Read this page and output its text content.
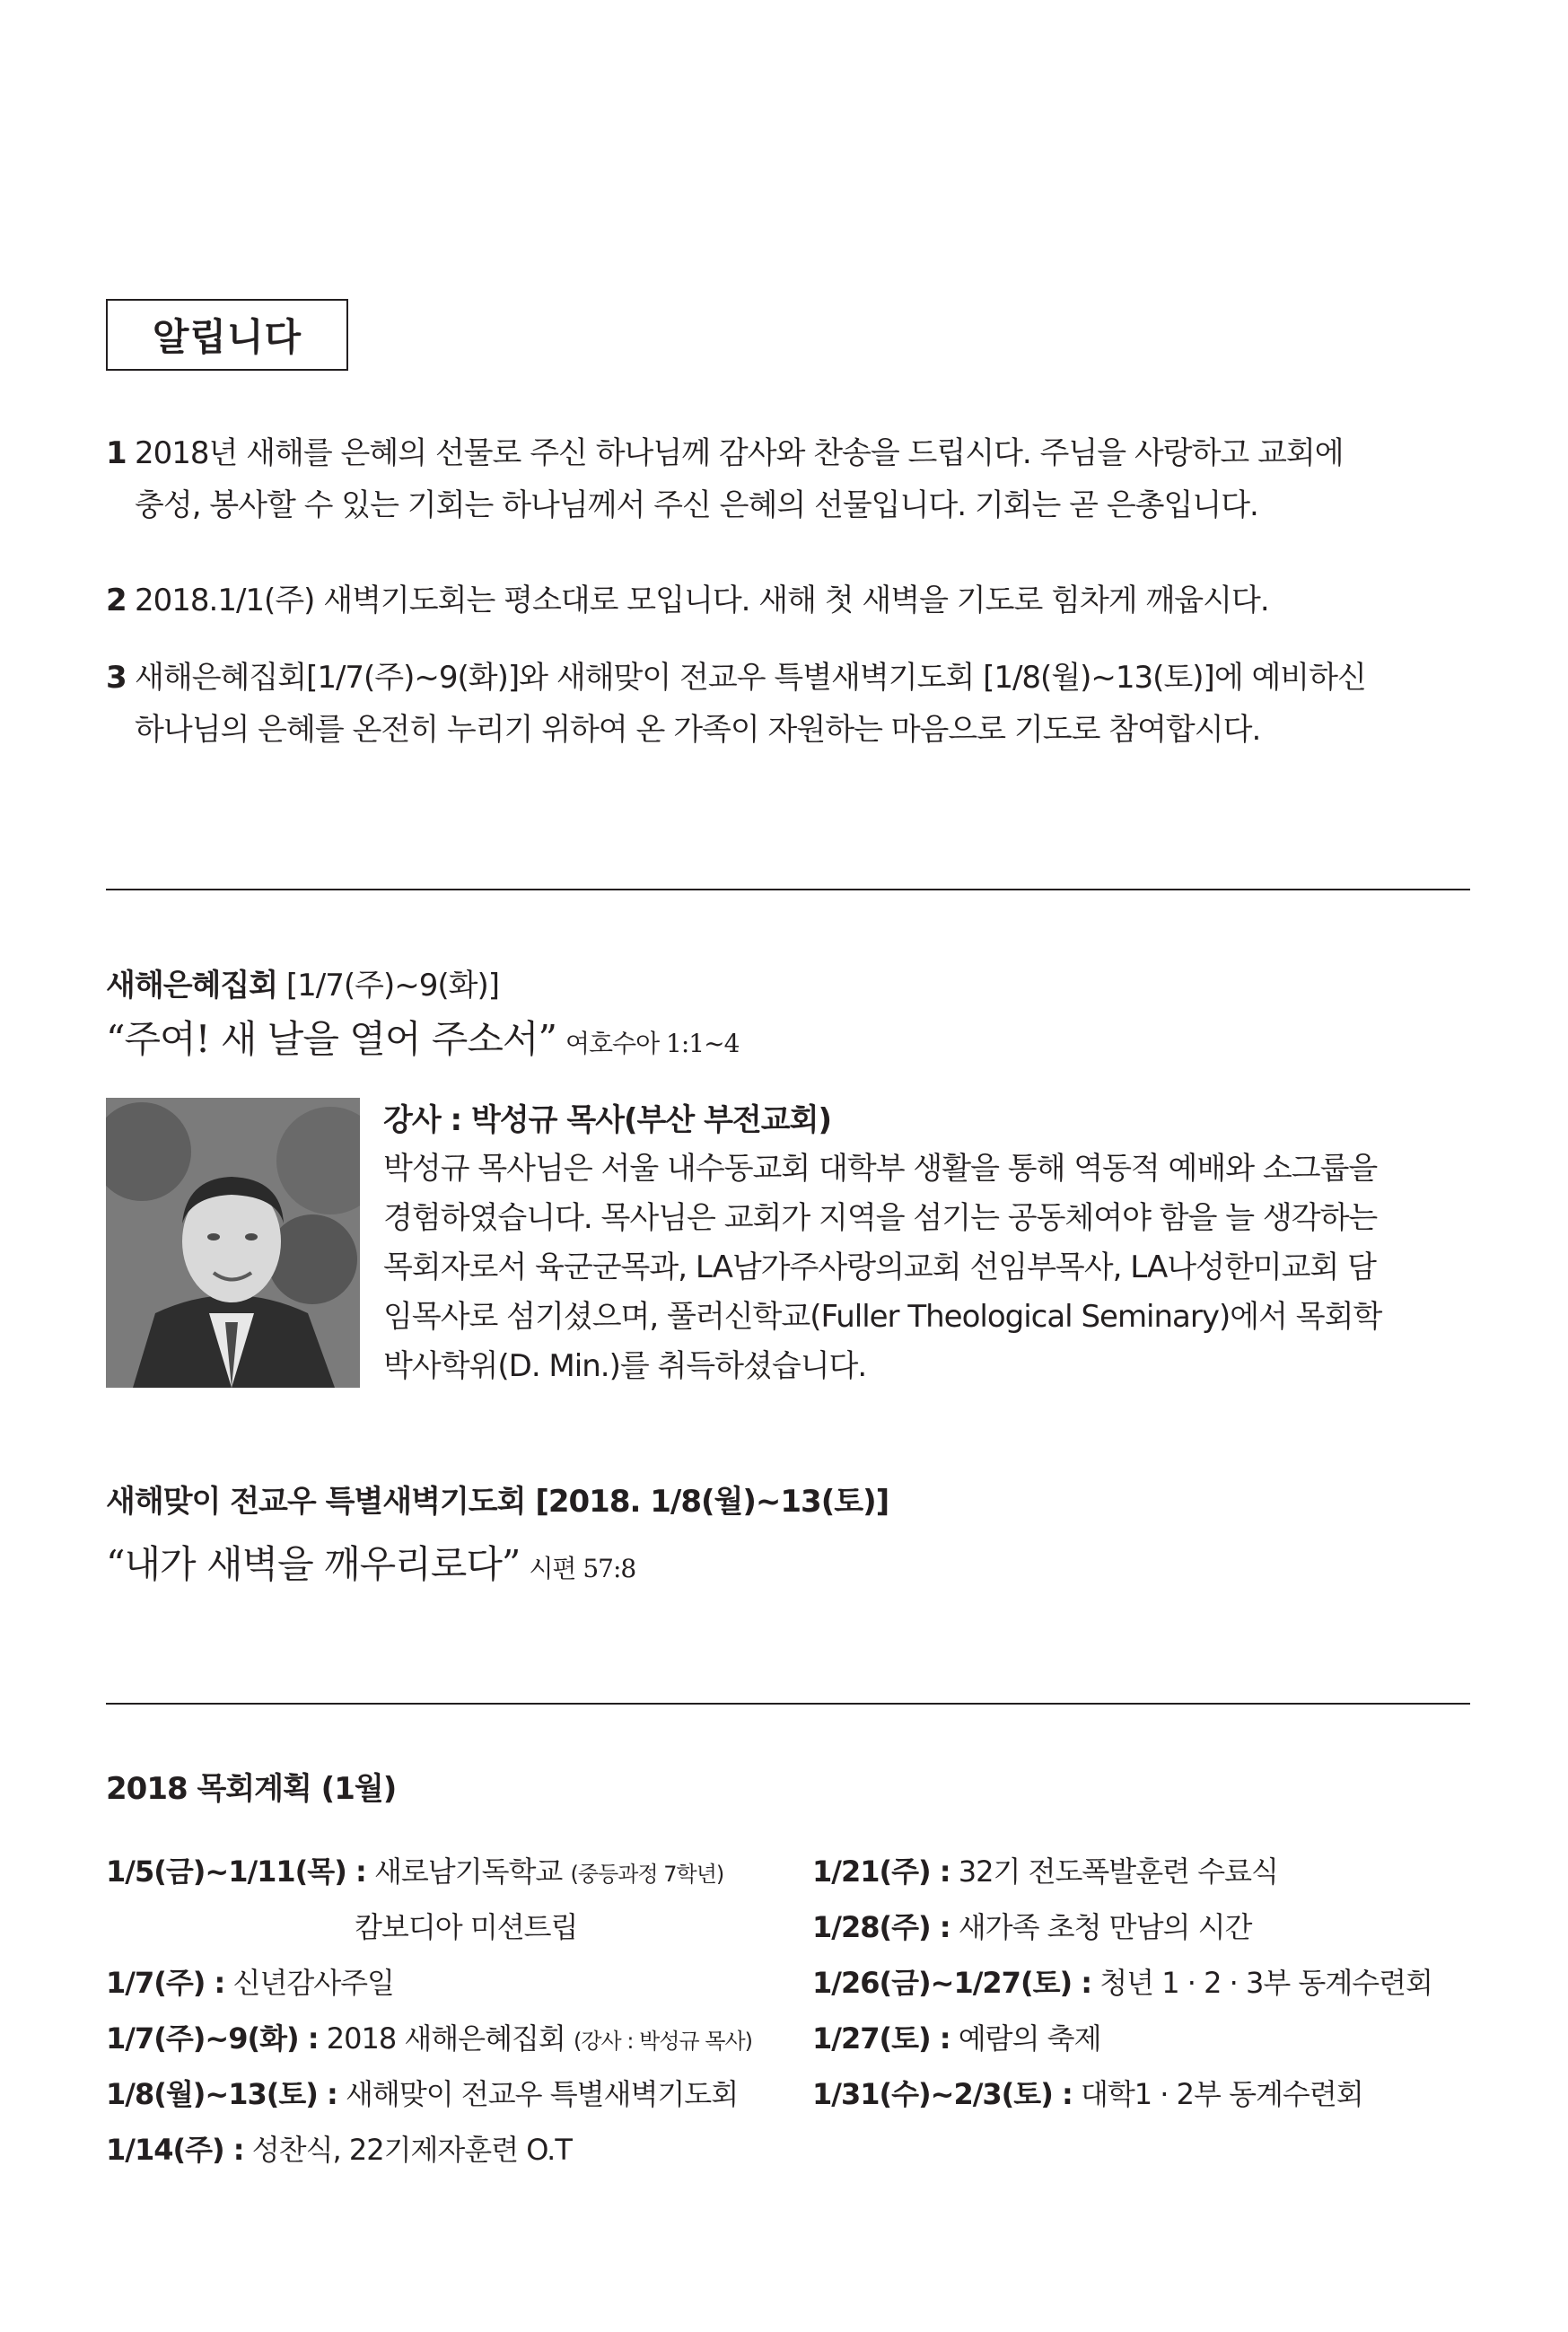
알립니다
1 2018년 새해를 은혜의 선물로 주신 하나님께 감사와 찬송을 드립시다. 주님을 사랑하고 교회에
충성, 봉사할 수 있는 기회는 하나님께서 주신 은혜의 선물입니다. 기회는 곧 은총입니다.
2 2018.1/1(주) 새벽기도회는 평소대로 모입니다. 새해 첫 새벽을 기도로 힘차게 깨웁시다.
3 새해은혜집회[1/7(주)~9(화)]와 새해맞이 전교우 특별새벽기도회 [1/8(월)~13(토)]에 예비하신
하나님의 은혜를 온전히 누리기 위하여 온 가족이 자원하는 마음으로 기도로 참여합시다.
새해은혜집회 [1/7(주)~9(화)]
“주여! 새 날을 열어 주소서” 여호수아 1:1~4
강사 : 박성규 목사(부산 부전교회)
박성규 목사님은 서울 내수동교회 대학부 생활을 통해 역동적 예배와 소그룹을
경험하였습니다. 목사님은 교회가 지역을 섬기는 공동체여야 함을 늘 생각하는
목회자로서 육군군목과, LA남가주사랑의교회 선임부목사, LA나성한미교회 담
임목사로 섬기셨으며, 풀러신학교(Fuller Theological Seminary)에서 목회학
박사학위(D. Min.)를 취득하셨습니다.
새해맞이 전교우 특별새벽기도회 [2018. 1/8(월)~13(토)]
“내가 새벽을 깨우리로다” 시편 57:8
2018 목회계획 (1월)
1/5(금)~1/11(목) : 새로남기독학교 (중등과정 7학년)
캄보디아 미션트립
1/7(주) : 신년감사주일
1/7(주)~9(화) : 2018 새해은혜집회 (강사 : 박성규 목사)
1/8(월)~13(토) : 새해맞이 전교우 특별새벽기도회
1/14(주) : 성찬식, 22기제자훈련 O.T
1/21(주) : 32기 전도폭발훈련 수료식
1/28(주) : 새가족 초청 만남의 시간
1/26(금)~1/27(토) : 청년 1 · 2 · 3부 동계수련회
1/27(토) : 예람의 축제
1/31(수)~2/3(토) : 대학1 · 2부 동계수련회
